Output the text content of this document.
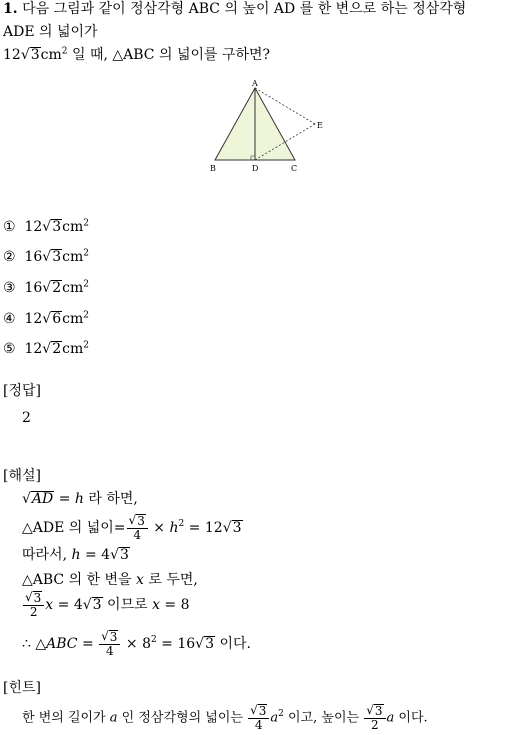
1. 다음 그림과 같이 정삼각형 ABC 의 높이 AD 를 한 변으로 하는 정삼각형
ADE 의 넓이가
12√ 3 $cm^2$ 일 때, △ABC 의 넓이를 구하면?
A
B	C
D
E
① 12√ 3 $cm^2$
② 16√ 3 $cm^2$
③ 16√ 2 $cm^2$
④ 12√ 6 $cm^2$
⑤ 12√ 2 $cm^2$
[정답]
2
[해설]
√ AD = h 라 하면,
△ADE 의 넓이= $\frac{√ 3}{4} \times h^2 = 12√$ 3
따라서, h = 4√ 3
△ABC 의 한 변을 x 로 두면,
$\frac{√ 3}{2}$ x = 4√ 3 이므로 x = 8
∴ △ABC = $\frac{√ 3}{4} \times 8^2 = 16√$ 3 이다.
[힌트]
한 변의 길이가 a 인 정삼각형의 넓이는 $\frac{√ 3}{4} a^2$ 이고, 높이는 $\frac{√ 3}{2}$ a 이다.
